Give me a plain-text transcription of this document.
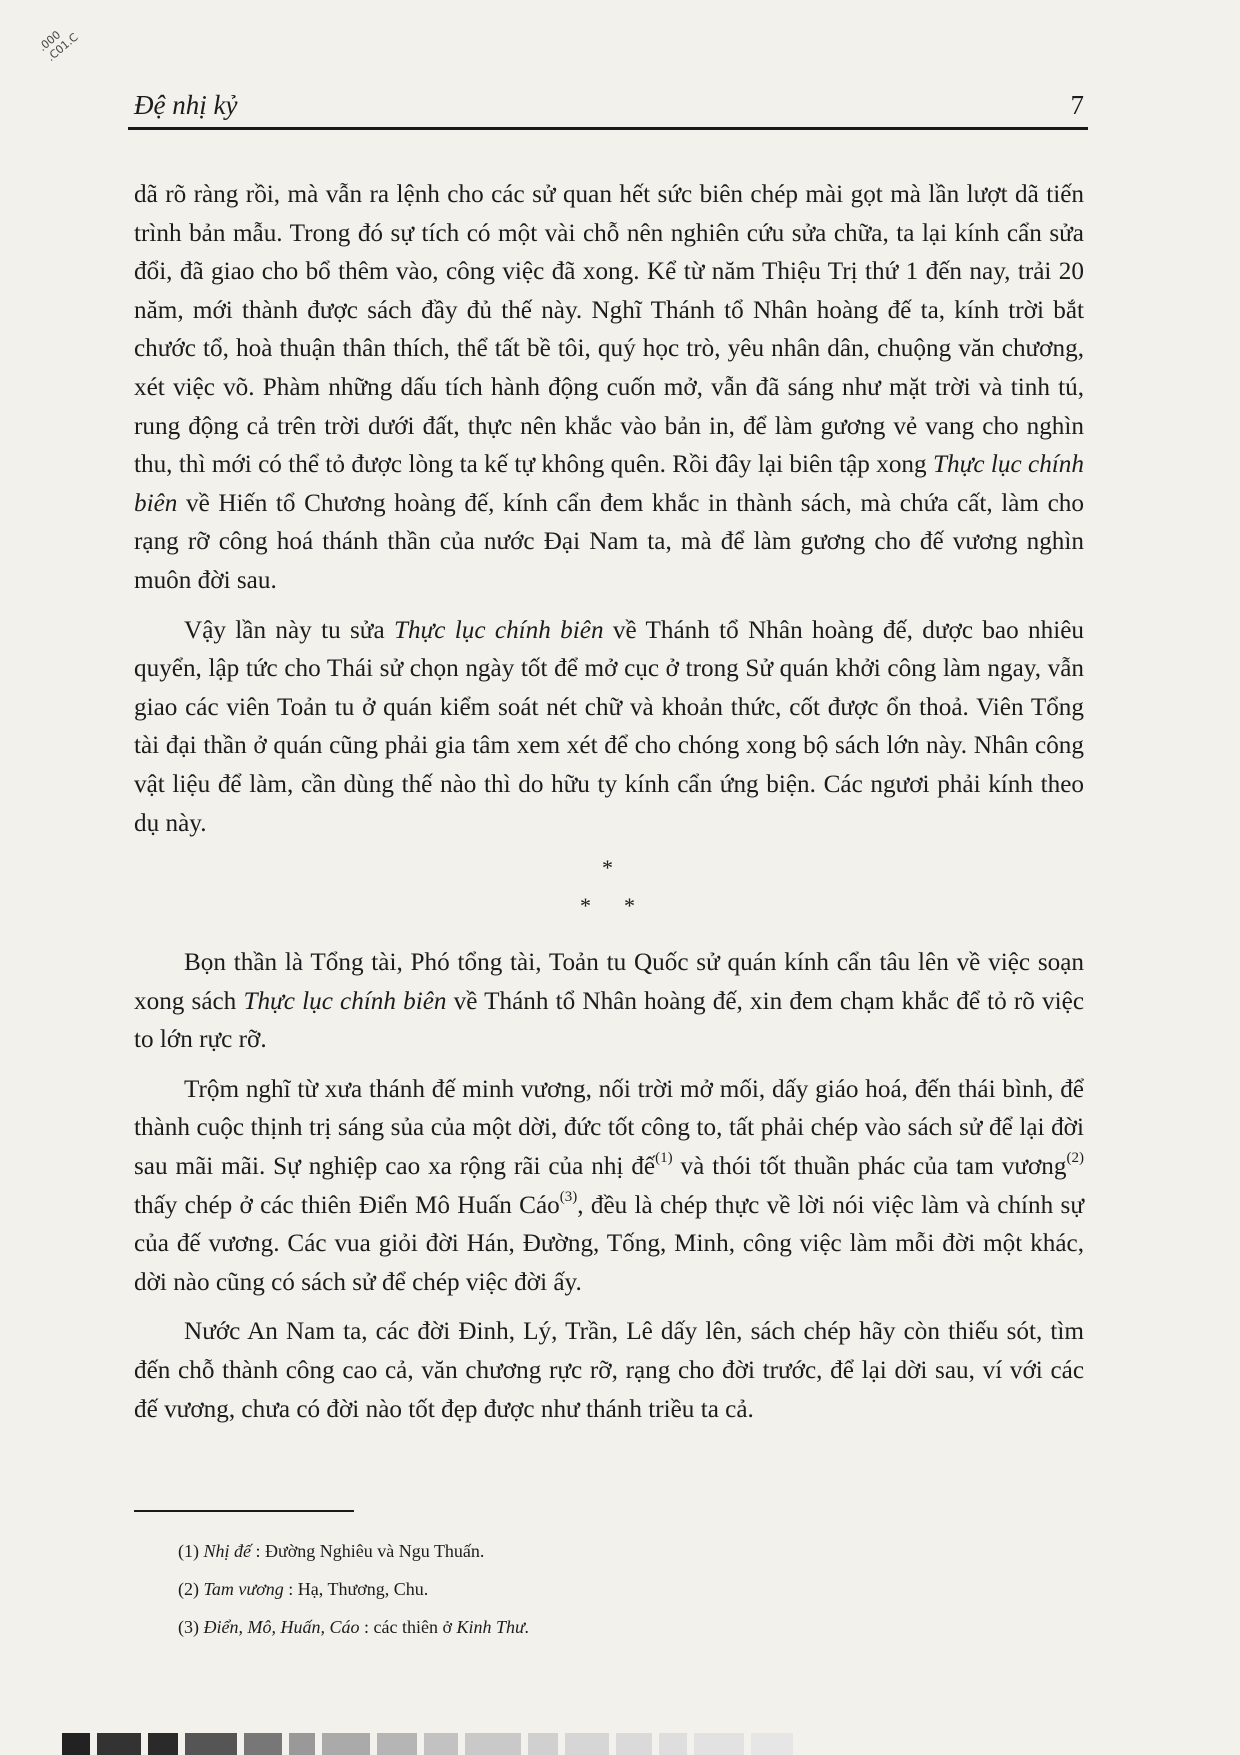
.000 .C01.C
Đệ nhị kỷ	7

dã rõ ràng rồi, mà vẫn ra lệnh cho các sử quan hết sức biên chép mài gọt mà lần lượt dã tiến trình bản mẫu. Trong đó sự tích có một vài chỗ nên nghiên cứu sửa chữa, ta lại kính cẩn sửa đổi, đã giao cho bổ thêm vào, công việc đã xong. Kể từ năm Thiệu Trị thứ 1 đến nay, trải 20 năm, mới thành được sách đầy đủ thế này. Nghĩ Thánh tổ Nhân hoàng đế ta, kính trời bắt chước tổ, hoà thuận thân thích, thể tất bề tôi, quý học trò, yêu nhân dân, chuộng văn chương, xét việc võ. Phàm những dấu tích hành động cuốn mở, vẫn đã sáng như mặt trời và tinh tú, rung động cả trên trời dưới đất, thực nên khắc vào bản in, để làm gương vẻ vang cho nghìn thu, thì mới có thể tỏ được lòng ta kế tự không quên. Rồi đây lại biên tập xong Thực lục chính biên về Hiến tổ Chương hoàng đế, kính cẩn đem khắc in thành sách, mà chứa cất, làm cho rạng rỡ công hoá thánh thần của nước Đại Nam ta, mà để làm gương cho đế vương nghìn muôn đời sau.

Vậy lần này tu sửa Thực lục chính biên về Thánh tổ Nhân hoàng đế, dược bao nhiêu quyển, lập tức cho Thái sử chọn ngày tốt để mở cục ở trong Sử quán khởi công làm ngay, vẫn giao các viên Toản tu ở quán kiểm soát nét chữ và khoản thức, cốt được ổn thoả. Viên Tổng tài đại thần ở quán cũng phải gia tâm xem xét để cho chóng xong bộ sách lớn này. Nhân công vật liệu để làm, cần dùng thế nào thì do hữu ty kính cẩn ứng biện. Các ngươi phải kính theo dụ này.

*
* *

Bọn thần là Tổng tài, Phó tổng tài, Toản tu Quốc sử quán kính cẩn tâu lên về việc soạn xong sách Thực lục chính biên về Thánh tổ Nhân hoàng đế, xin đem chạm khắc để tỏ rõ việc to lớn rực rỡ.

Trộm nghĩ từ xưa thánh đế minh vương, nối trời mở mối, dấy giáo hoá, đến thái bình, để thành cuộc thịnh trị sáng sủa của một dời, đức tốt công to, tất phải chép vào sách sử để lại đời sau mãi mãi. Sự nghiệp cao xa rộng rãi của nhị đế$^{(1)}$ và thói tốt thuần phác của tam vương$^{(2)}$ thấy chép ở các thiên Điển Mô Huấn Cáo$^{(3)}$, đều là chép thực về lời nói việc làm và chính sự của đế vương. Các vua giỏi đời Hán, Đường, Tống, Minh, công việc làm mỗi đời một khác, dời nào cũng có sách sử để chép việc đời ấy.

Nước An Nam ta, các đời Đinh, Lý, Trần, Lê dấy lên, sách chép hãy còn thiếu sót, tìm đến chỗ thành công cao cả, văn chương rực rỡ, rạng cho đời trước, để lại dời sau, ví với các đế vương, chưa có đời nào tốt đẹp được như thánh triều ta cả.

(1) Nhị đế : Đường Nghiêu và Ngu Thuấn.
(2) Tam vương : Hạ, Thương, Chu.
(3) Điển, Mô, Huấn, Cáo : các thiên ở Kinh Thư.
